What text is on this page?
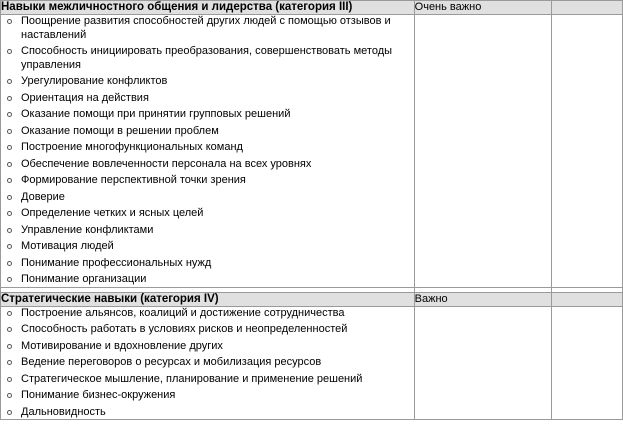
Навыки межличностного общения и лидерства (категория III)	Очень важно	

Поощрение развития способностей других людей с помощью отзывов и наставлений
Способность инициировать преобразования, совершенствовать методы управления
Урегулирование конфликтов
Ориентация на действия
Оказание помощи при принятии групповых решений
Оказание помощи в решении проблем
Построение многофункциональных команд
Обеспечение вовлеченности персонала на всех уровнях
Формирование перспективной точки зрения
Доверие
Определение четких и ясных целей
Управление конфликтами
Мотивация людей
Понимание профессиональных нужд
Понимание организации

Стратегические навыки (категория IV)	Важно	

Построение альянсов, коалиций и достижение сотрудничества
Способность работать в условиях рисков и неопределенностей
Мотивирование и вдохновление других
Ведение переговоров о ресурсах и мобилизация ресурсов
Стратегическое мышление, планирование и применение решений
Понимание бизнес-окружения
Дальновидность
